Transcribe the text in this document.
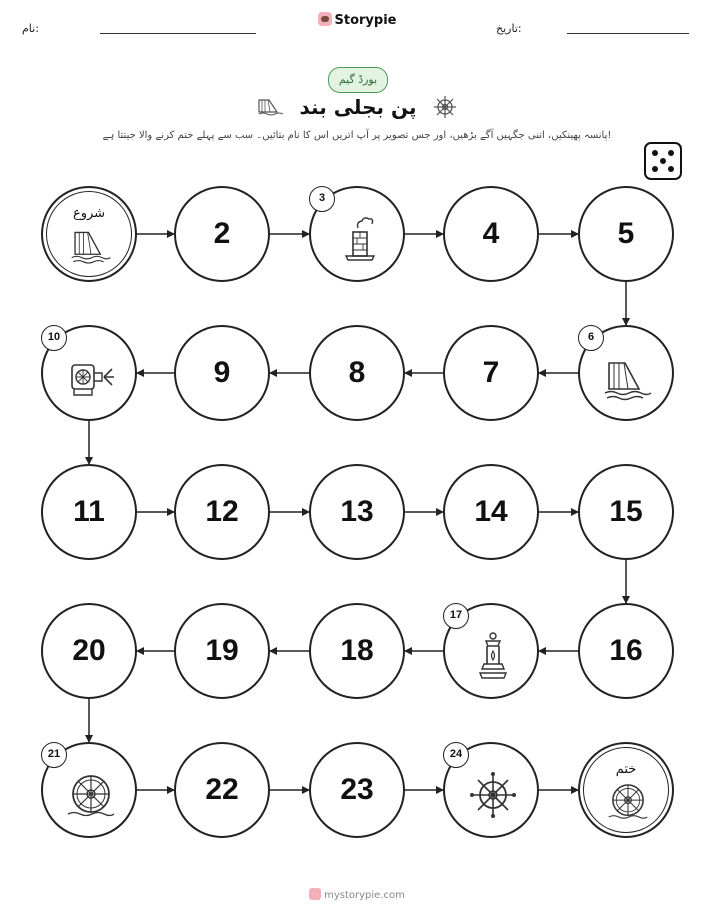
نام:
Storypie
تاریخ:
بورڈ گیم
پن بجلی بند
پانسہ پھینکیں، اتنی جگہیں آگے بڑھیں، اور جس تصویر پر آپ اتریں اس کا نام بتائیں۔ سب سے پہلے ختم کرنے والا جیتتا ہے!
شروع
2
3
4	5
6
7
8
9
10
11	12	13	14	15
16
17
18
19
20
21
22	23
24
ختم
mystorypie.com
